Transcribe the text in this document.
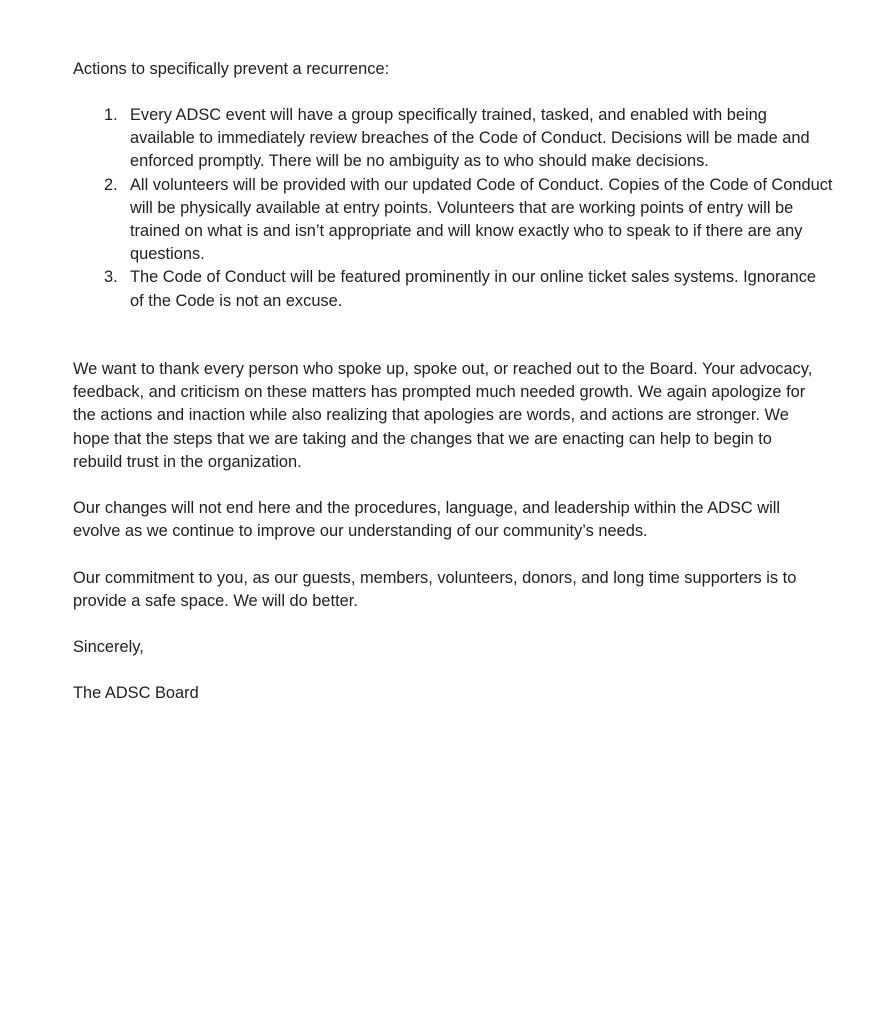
Actions to specifically prevent a recurrence:

1. Every ADSC event will have a group specifically trained, tasked, and enabled with being available to immediately review breaches of the Code of Conduct. Decisions will be made and enforced promptly. There will be no ambiguity as to who should make decisions.
2. All volunteers will be provided with our updated Code of Conduct. Copies of the Code of Conduct will be physically available at entry points. Volunteers that are working points of entry will be trained on what is and isn’t appropriate and will know exactly who to speak to if there are any questions.
3. The Code of Conduct will be featured prominently in our online ticket sales systems. Ignorance of the Code is not an excuse.

We want to thank every person who spoke up, spoke out, or reached out to the Board. Your advocacy, feedback, and criticism on these matters has prompted much needed growth. We again apologize for the actions and inaction while also realizing that apologies are words, and actions are stronger. We hope that the steps that we are taking and the changes that we are enacting can help to begin to rebuild trust in the organization.

Our changes will not end here and the procedures, language, and leadership within the ADSC will evolve as we continue to improve our understanding of our community’s needs.

Our commitment to you, as our guests, members, volunteers, donors, and long time supporters is to provide a safe space. We will do better.

Sincerely,

The ADSC Board
